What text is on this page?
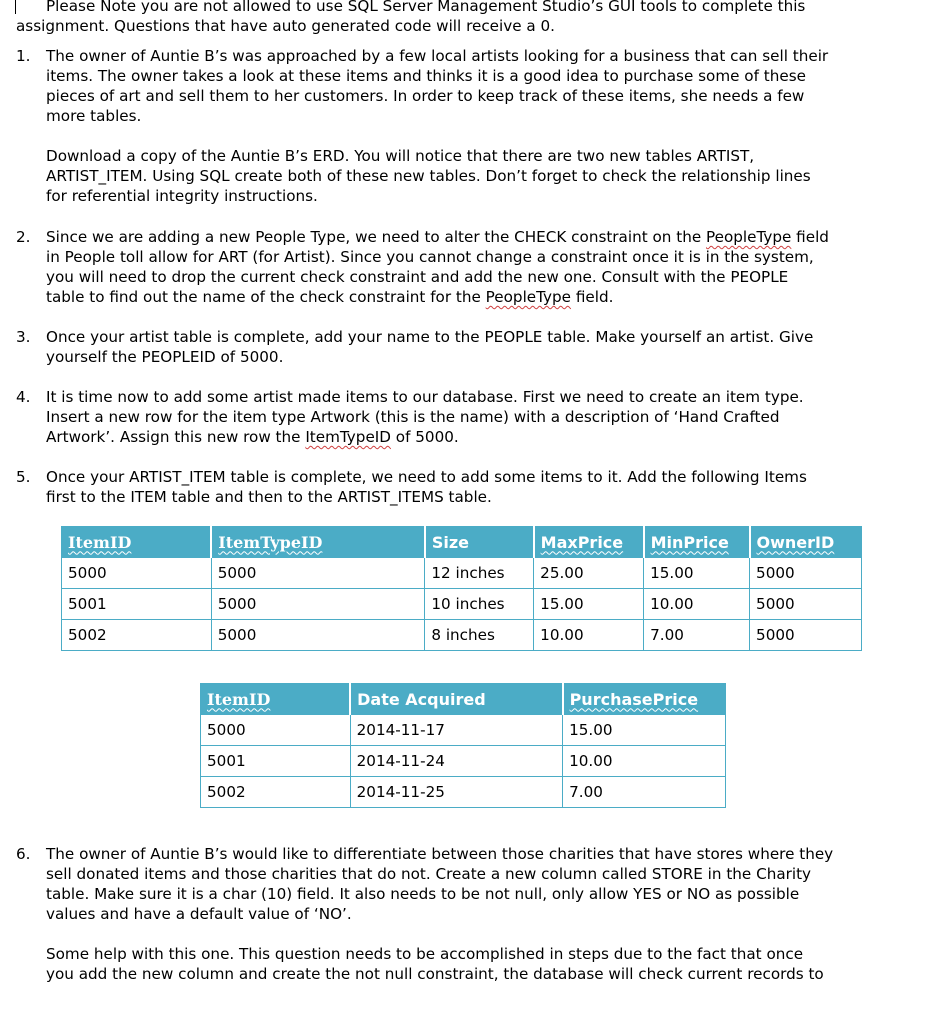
Please Note you are not allowed to use SQL Server Management Studio’s GUI tools to complete this
assignment. Questions that have auto generated code will receive a 0.
1. The owner of Auntie B’s was approached by a few local artists looking for a business that can sell their
items. The owner takes a look at these items and thinks it is a good idea to purchase some of these
pieces of art and sell them to her customers. In order to keep track of these items, she needs a few
more tables.
Download a copy of the Auntie B’s ERD. You will notice that there are two new tables ARTIST,
ARTIST_ITEM. Using SQL create both of these new tables. Don’t forget to check the relationship lines
for referential integrity instructions.
2. Since we are adding a new People Type, we need to alter the CHECK constraint on the PeopleType field
in People toll allow for ART (for Artist). Since you cannot change a constraint once it is in the system,
you will need to drop the current check constraint and add the new one. Consult with the PEOPLE
table to find out the name of the check constraint for the PeopleType field.
3. Once your artist table is complete, add your name to the PEOPLE table. Make yourself an artist. Give
yourself the PEOPLEID of 5000.
4. It is time now to add some artist made items to our database. First we need to create an item type.
Insert a new row for the item type Artwork (this is the name) with a description of ‘Hand Crafted
Artwork’. Assign this new row the ItemTypeID of 5000.
5. Once your ARTIST_ITEM table is complete, we need to add some items to it. Add the following Items
first to the ITEM table and then to the ARTIST_ITEMS table.
ItemID	ItemTypeID	Size	MaxPrice	MinPrice	OwnerID
5000	5000	12 inches	25.00	15.00	5000
5001	5000	10 inches	15.00	10.00	5000
5002	5000	8 inches	10.00	7.00	5000
ItemID	Date Acquired	PurchasePrice
5000	2014-11-17	15.00
5001	2014-11-24	10.00
5002	2014-11-25	7.00
6. The owner of Auntie B’s would like to differentiate between those charities that have stores where they
sell donated items and those charities that do not. Create a new column called STORE in the Charity
table. Make sure it is a char (10) field. It also needs to be not null, only allow YES or NO as possible
values and have a default value of ‘NO’.
Some help with this one. This question needs to be accomplished in steps due to the fact that once
you add the new column and create the not null constraint, the database will check current records to
